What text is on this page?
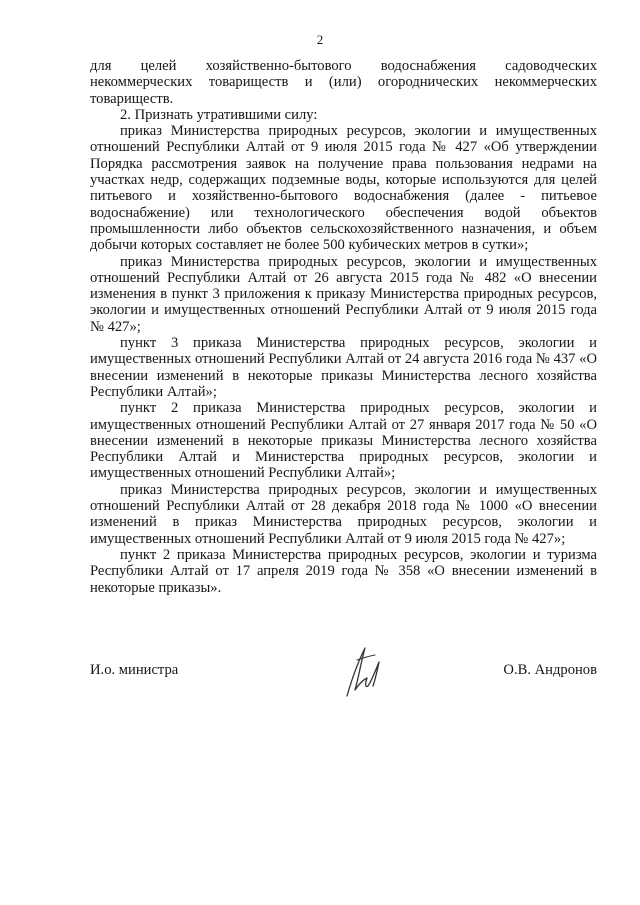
2

для целей хозяйственно-бытового водоснабжения садоводческих некоммерческих товариществ и (или) огороднических некоммерческих товариществ.

2. Признать утратившими силу:

приказ Министерства природных ресурсов, экологии и имущественных отношений Республики Алтай от 9 июля 2015 года № 427 «Об утверждении Порядка рассмотрения заявок на получение права пользования недрами на участках недр, содержащих подземные воды, которые используются для целей питьевого и хозяйственно-бытового водоснабжения (далее - питьевое водоснабжение) или технологического обеспечения водой объектов промышленности либо объектов сельскохозяйственного назначения, и объем добычи которых составляет не более 500 кубических метров в сутки»;

приказ Министерства природных ресурсов, экологии и имущественных отношений Республики Алтай от 26 августа 2015 года № 482 «О внесении изменения в пункт 3 приложения к приказу Министерства природных ресурсов, экологии и имущественных отношений Республики Алтай от 9 июля 2015 года № 427»;

пункт 3 приказа Министерства природных ресурсов, экологии и имущественных отношений Республики Алтай от 24 августа 2016 года № 437 «О внесении изменений в некоторые приказы Министерства лесного хозяйства Республики Алтай»;

пункт 2 приказа Министерства природных ресурсов, экологии и имущественных отношений Республики Алтай от 27 января 2017 года № 50 «О внесении изменений в некоторые приказы Министерства лесного хозяйства Республики Алтай и Министерства природных ресурсов, экологии и имущественных отношений Республики Алтай»;

приказ Министерства природных ресурсов, экологии и имущественных отношений Республики Алтай от 28 декабря 2018 года № 1000 «О внесении изменений в приказ Министерства природных ресурсов, экологии и имущественных отношений Республики Алтай от 9 июля 2015 года № 427»;

пункт 2 приказа Министерства природных ресурсов, экологии и туризма Республики Алтай от 17 апреля 2019 года № 358 «О внесении изменений в некоторые приказы».

И.о. министра	О.В. Андронов
